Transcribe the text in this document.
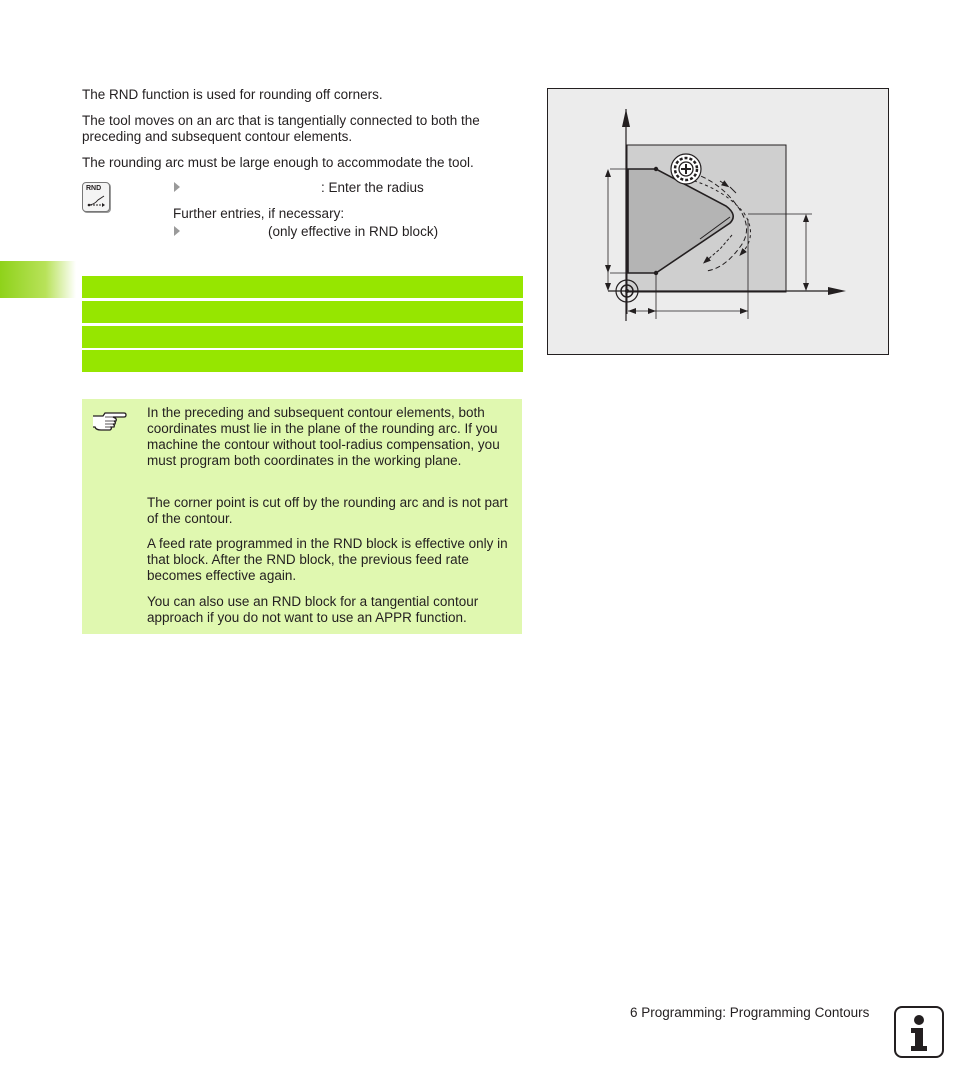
The RND function is used for rounding off corners.

The tool moves on an arc that is tangentially connected to both the preceding and subsequent contour elements.

The rounding arc must be large enough to accommodate the tool.

RND	: Enter the radius
Further entries, if necessary:
(only effective in RND block)

In the preceding and subsequent contour elements, both coordinates must lie in the plane of the rounding arc. If you machine the contour without tool-radius compensation, you must program both coordinates in the working plane.

The corner point is cut off by the rounding arc and is not part of the contour.

A feed rate programmed in the RND block is effective only in that block. After the RND block, the previous feed rate becomes effective again.

You can also use an RND block for a tangential contour approach if you do not want to use an APPR function.

6 Programming: Programming Contours
